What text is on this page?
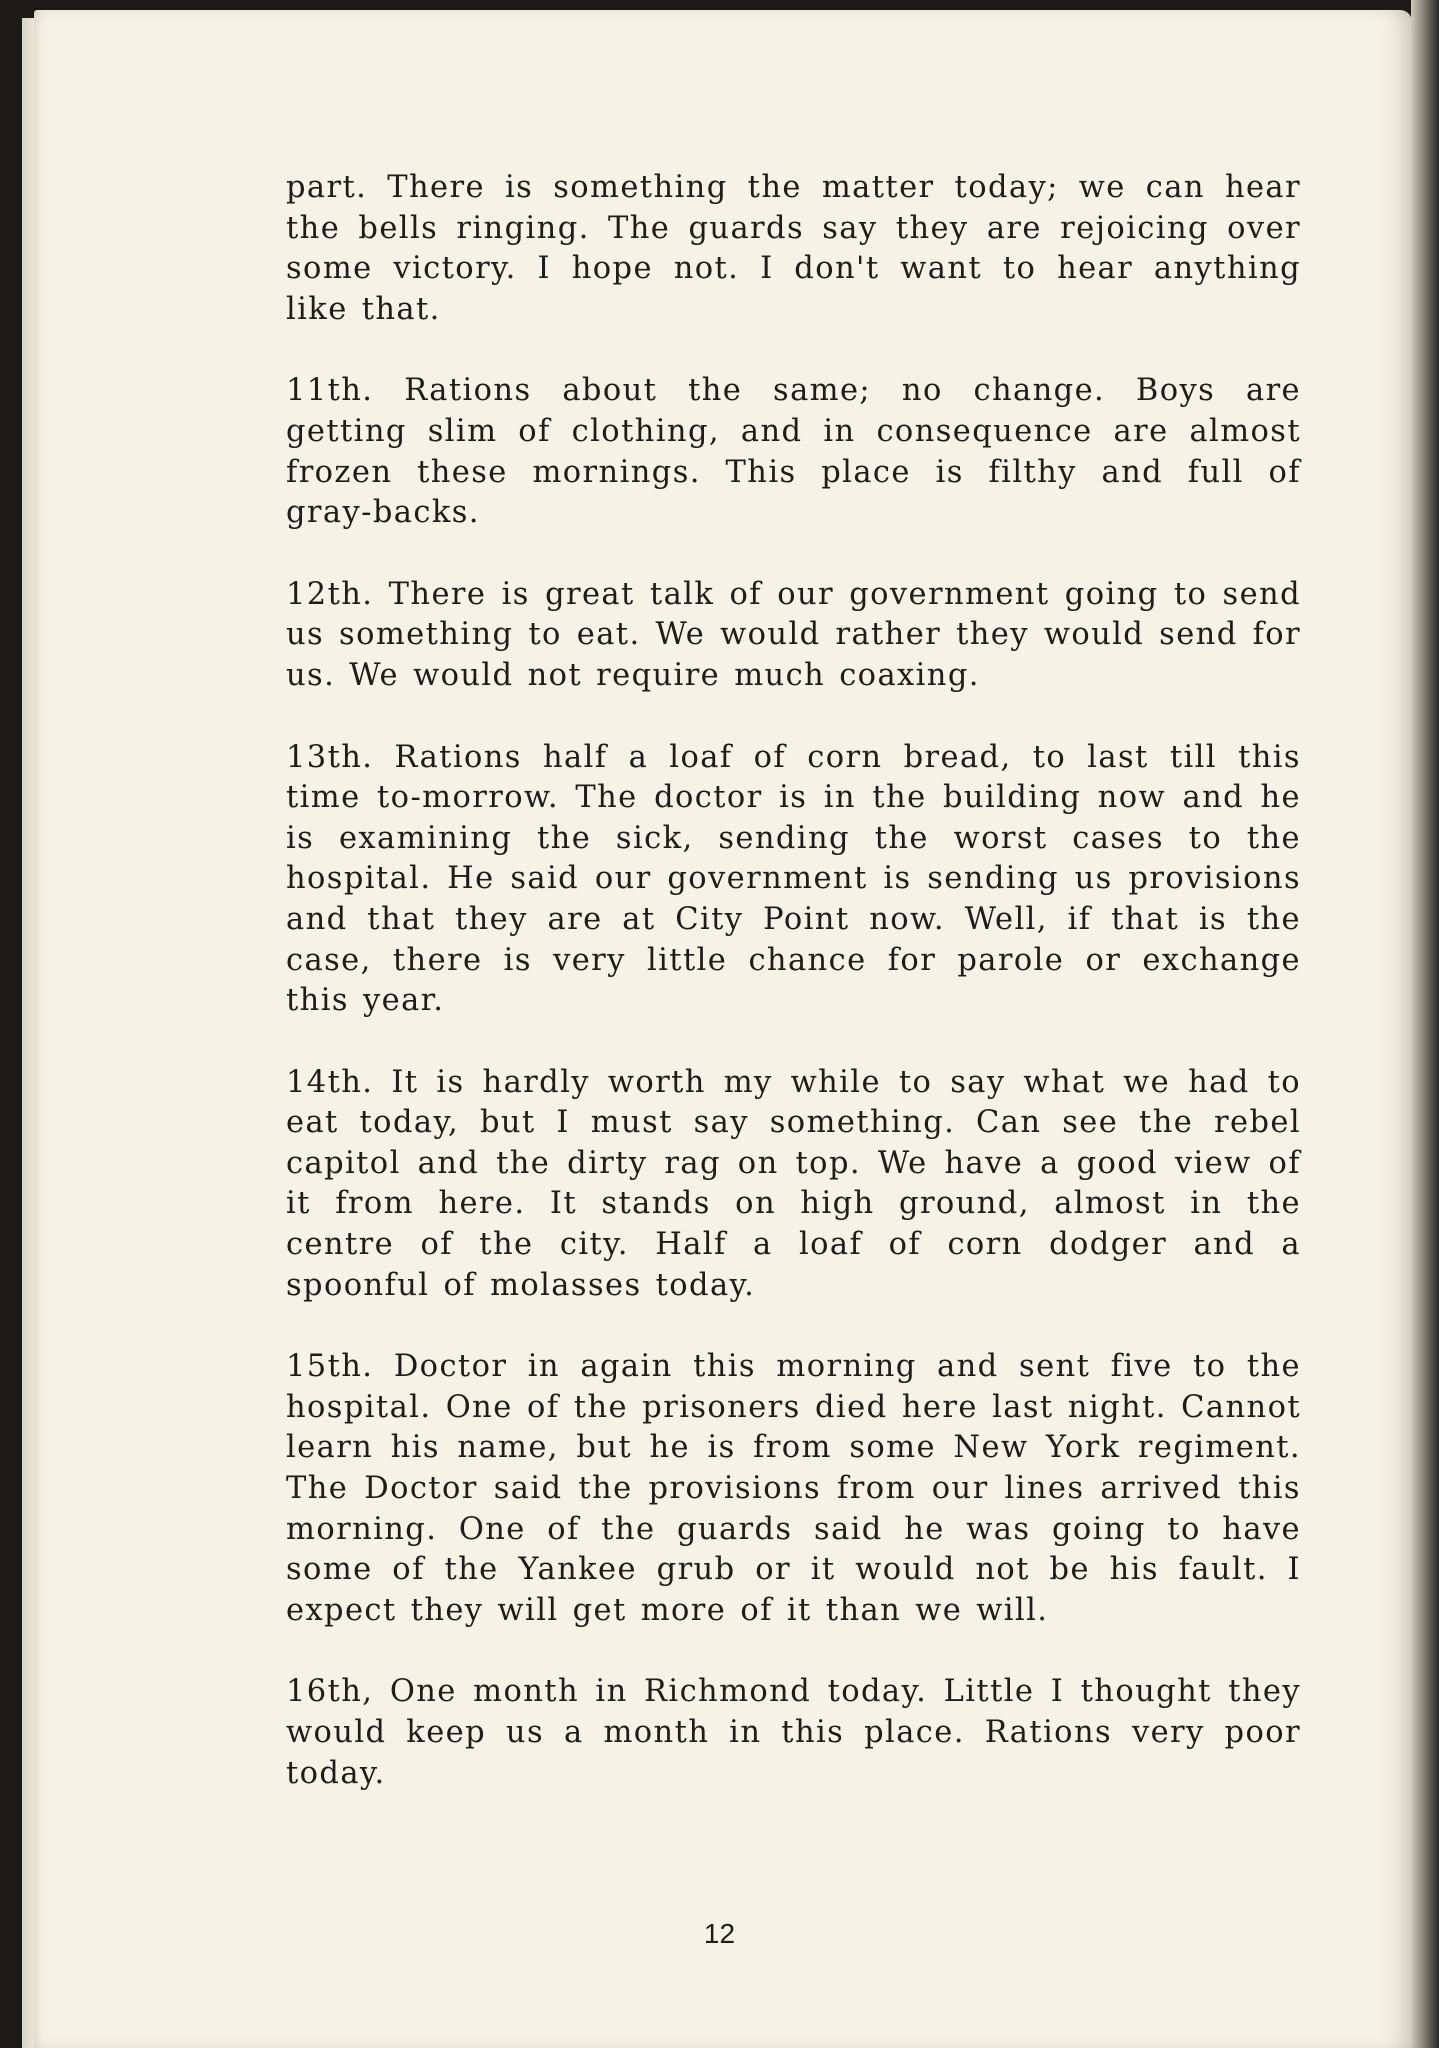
part. There is something the matter today; we can hear the bells ringing. The guards say they are rejoicing over some victory. I hope not. I don't want to hear anything like that.

11th. Rations about the same; no change. Boys are getting slim of clothing, and in consequence are almost frozen these mornings. This place is filthy and full of gray-backs.

12th. There is great talk of our government going to send us something to eat. We would rather they would send for us. We would not require much coaxing.

13th. Rations half a loaf of corn bread, to last till this time to-morrow. The doctor is in the building now and he is examining the sick, sending the worst cases to the hospital. He said our government is sending us provisions and that they are at City Point now. Well, if that is the case, there is very little chance for parole or exchange this year.

14th. It is hardly worth my while to say what we had to eat today, but I must say something. Can see the rebel capitol and the dirty rag on top. We have a good view of it from here. It stands on high ground, almost in the centre of the city. Half a loaf of corn dodger and a spoonful of molasses today.

15th. Doctor in again this morning and sent five to the hospital. One of the prisoners died here last night. Cannot learn his name, but he is from some New York regiment. The Doctor said the provisions from our lines arrived this morning. One of the guards said he was going to have some of the Yankee grub or it would not be his fault. I expect they will get more of it than we will.

16th, One month in Richmond today. Little I thought they would keep us a month in this place. Rations very poor today.

12
